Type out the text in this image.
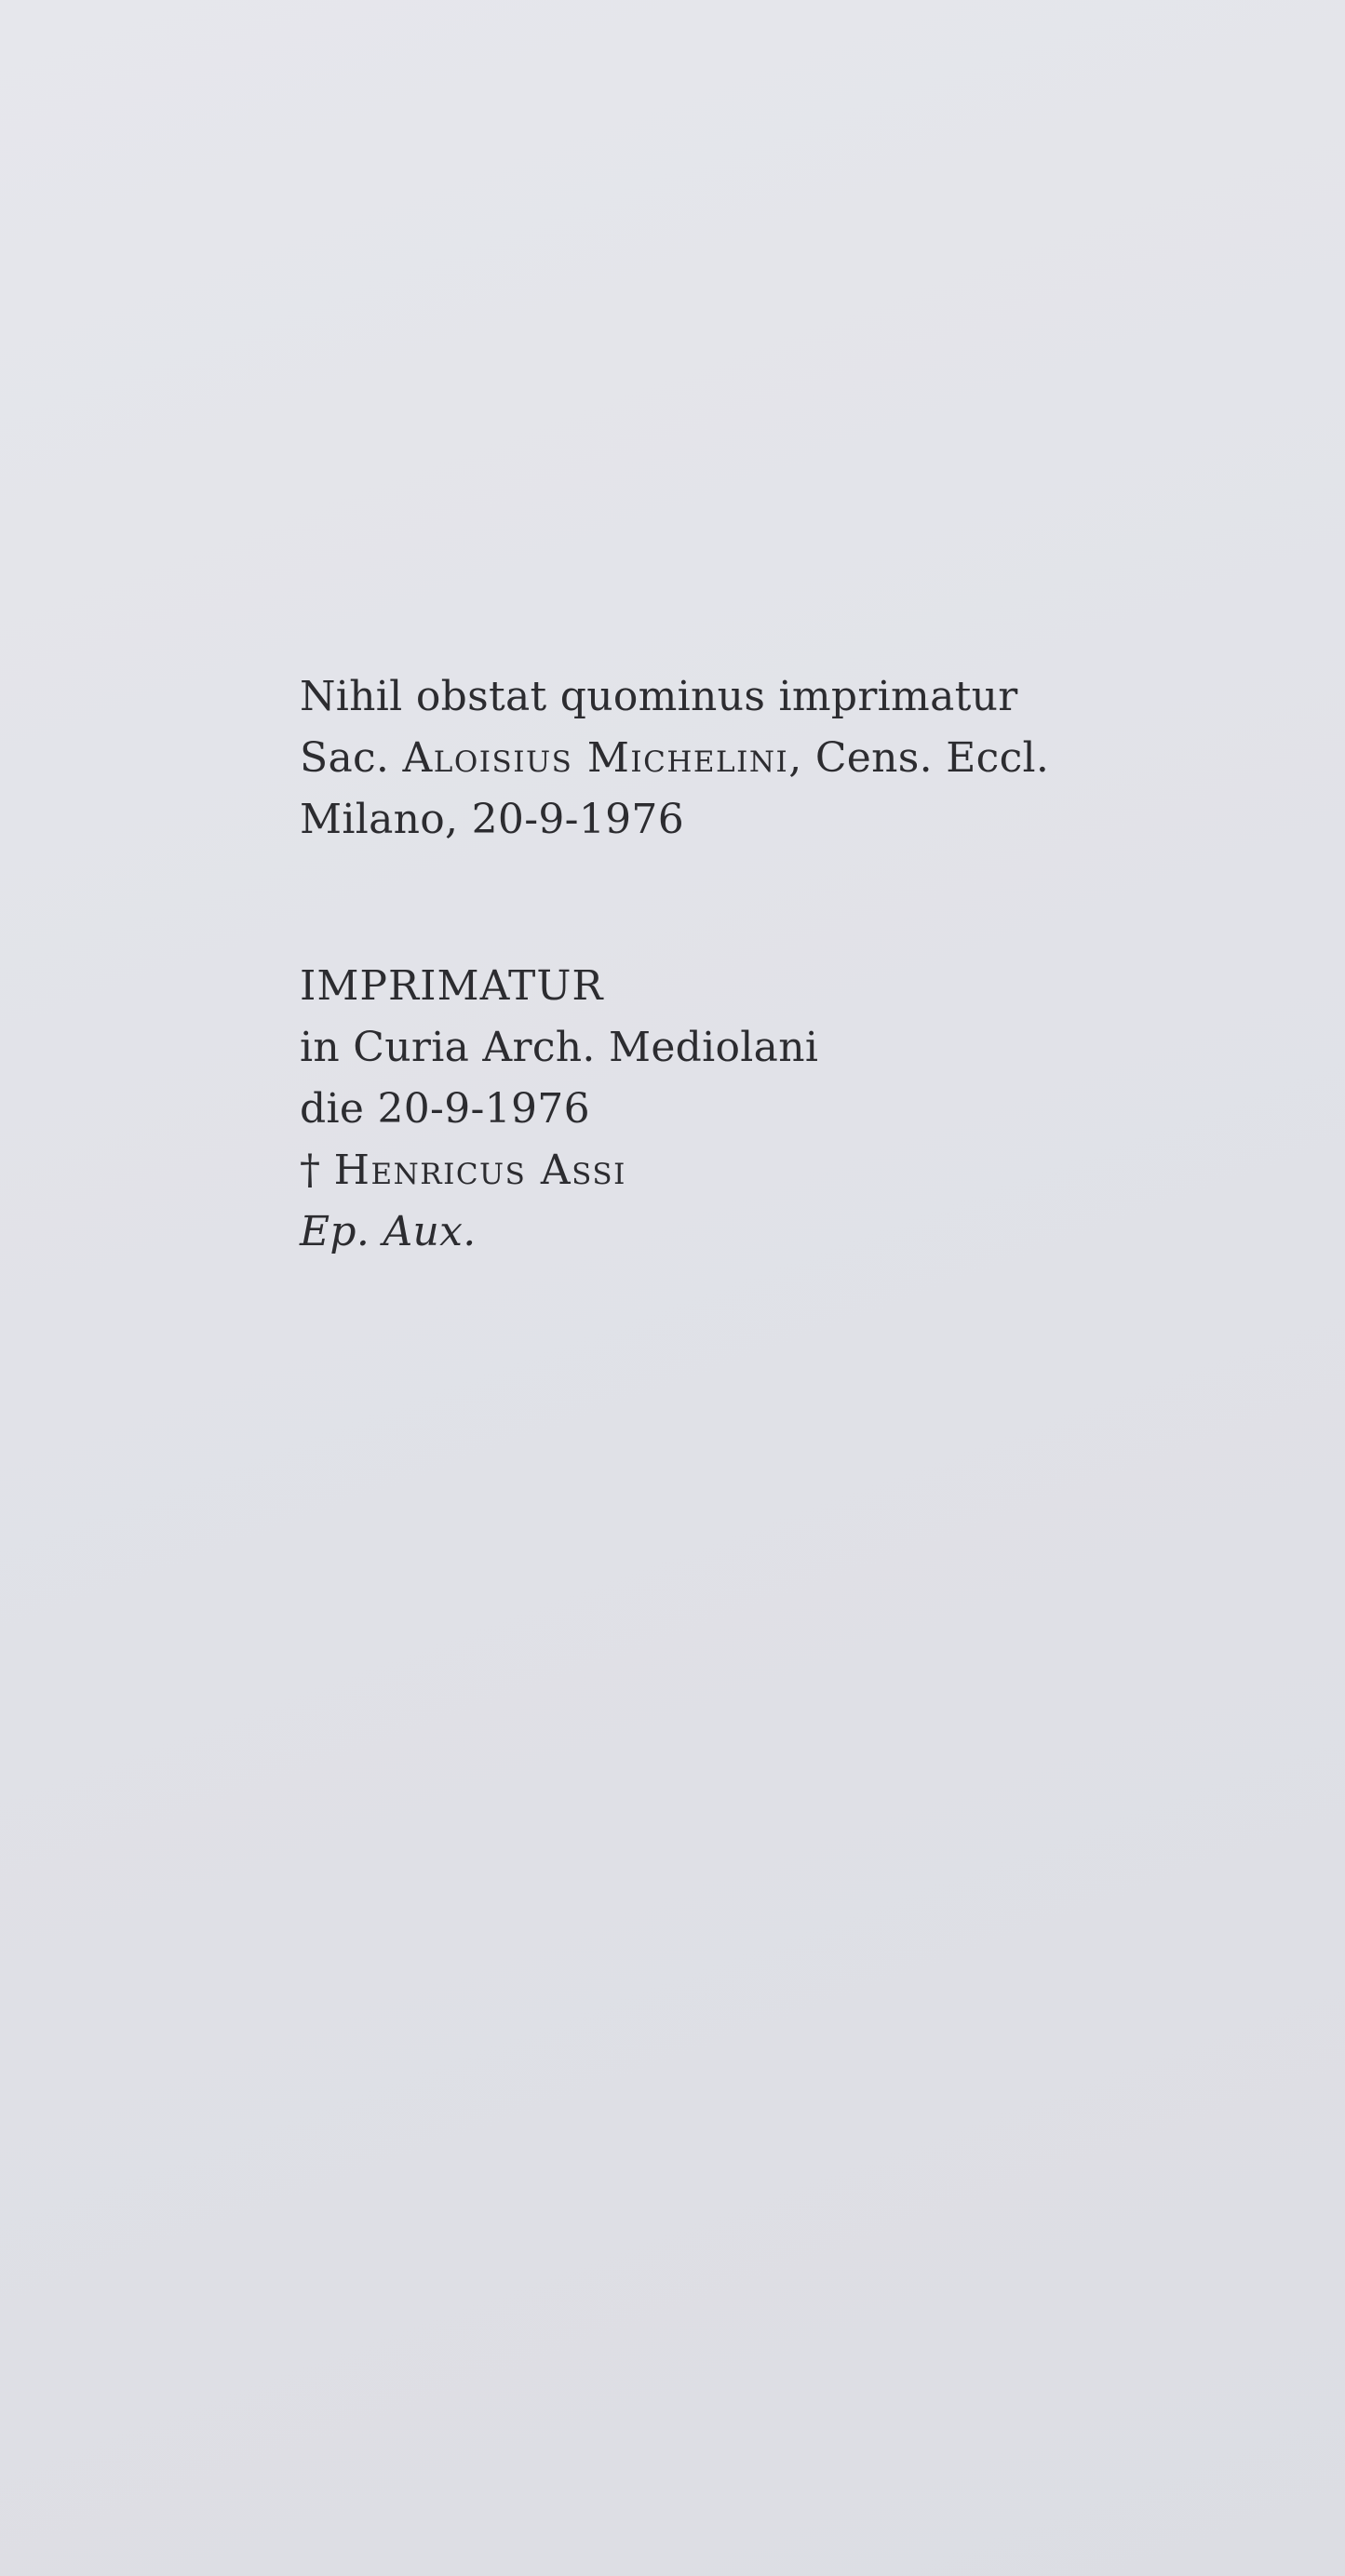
Nihil obstat quominus imprimatur
Sac. Aloisius Michelini, Cens. Eccl.
Milano, 20-9-1976
IMPRIMATUR
in Curia Arch. Mediolani
die 20-9-1976
† Henricus Assi
Ep. Aux.
